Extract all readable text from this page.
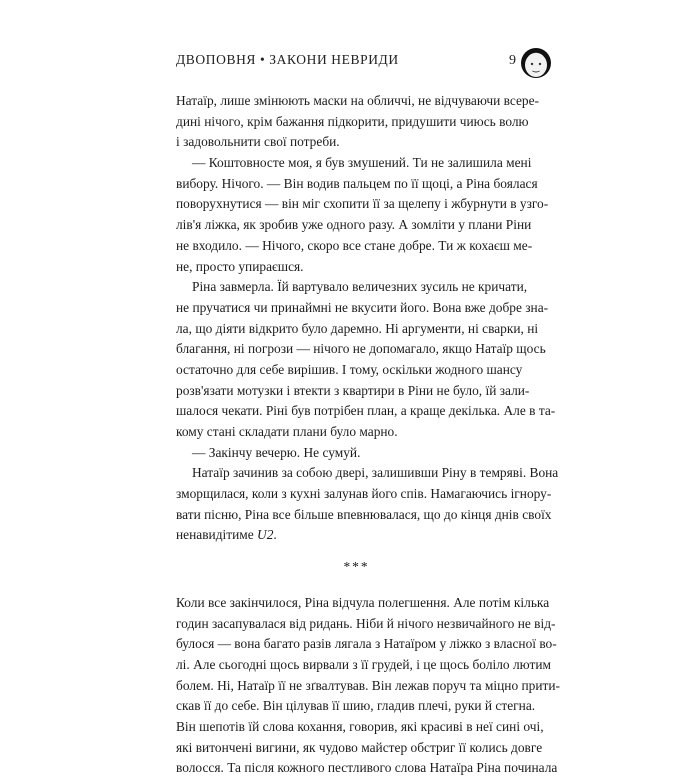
ДВОПОВНЯ • ЗАКОНИ НЕВРИДИ	9
Натаїр, лише змінюють маски на обличчі, не відчуваючи всере-
дині нічого, крім бажання підкорити, придушити чиюсь волю
і задовольнити свої потреби.
— Коштовносте моя, я був змушений. Ти не залишила мені
вибору. Нічого. — Він водив пальцем по її щоці, а Ріна боялася
поворухнутися — він міг схопити її за щелепу і жбурнути в узго-
лів'я ліжка, як зробив уже одного разу. А зомліти у плани Ріни
не входило. — Нічого, скоро все стане добре. Ти ж кохаєш ме-
не, просто упираєшся.
Ріна завмерла. Їй вартувало величезних зусиль не кричати,
не пручатися чи принаймні не вкусити його. Вона вже добре зна-
ла, що діяти відкрито було даремно. Ні аргументи, ні сварки, ні
благання, ні погрози — нічого не допомагало, якщо Натаїр щось
остаточно для себе вирішив. І тому, оскільки жодного шансу
розв'язати мотузки і втекти з квартири в Ріни не було, їй зали-
шалося чекати. Ріні був потрібен план, а краще декілька. Але в та-
кому стані складати плани було марно.
— Закінчу вечерю. Не сумуй.
Натаїр зачинив за собою двері, залишивши Ріну в темряві. Вона
зморщилася, коли з кухні залунав його спів. Намагаючись ігнору-
вати пісню, Ріна все більше впевнювалася, що до кінця днів своїх
ненавидітиме U2.
***
Коли все закінчилося, Ріна відчула полегшення. Але потім кілька
годин засапувалася від ридань. Ніби й нічого незвичайного не від-
булося — вона багато разів лягала з Натаїром у ліжко з власної во-
лі. Але сьогодні щось вирвали з її грудей, і це щось боліло лютим
болем. Ні, Натаїр її не зґвалтував. Він лежав поруч та міцно прити-
скав її до себе. Він цілував її шию, гладив плечі, руки й стегна.
Він шепотів їй слова кохання, говорив, які красиві в неї сині очі,
які витончені вигини, як чудово майстер обстриг її колись довге
волосся. Та після кожного пестливого слова Натаїра Ріна починала
